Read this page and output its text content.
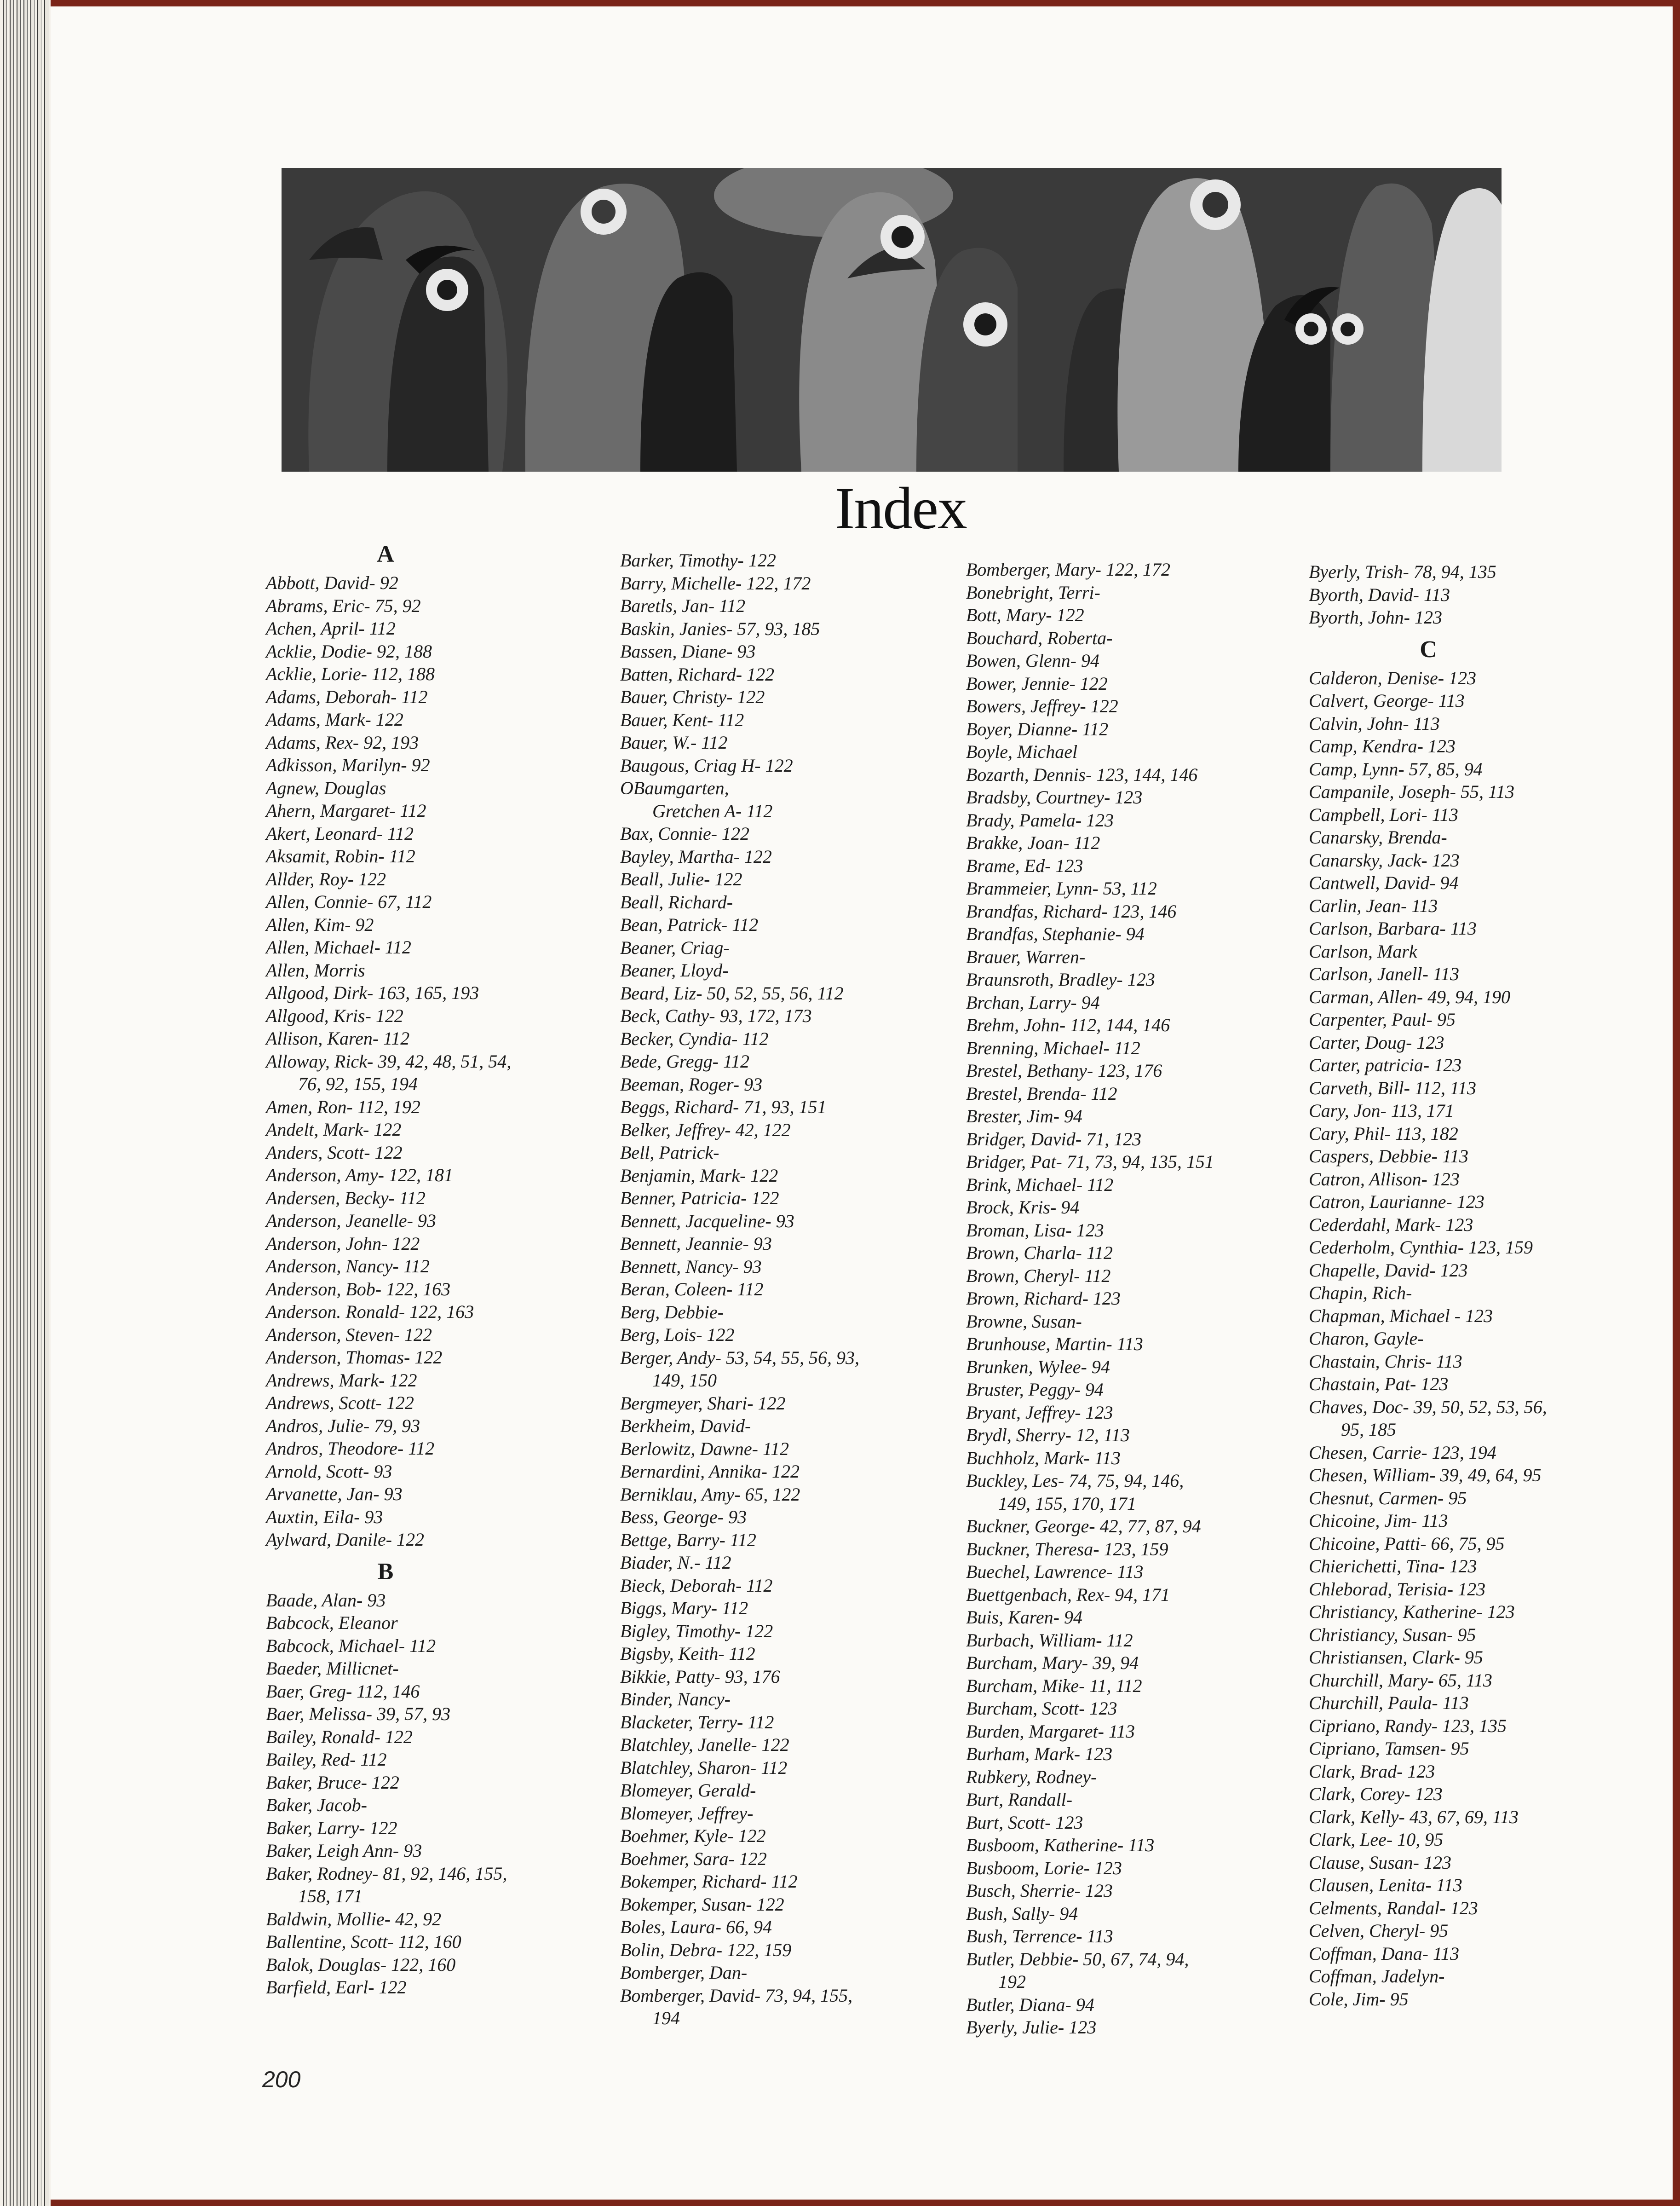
Index
A
Abbott, David- 92
Abrams, Eric- 75, 92
Achen, April- 112
Acklie, Dodie- 92, 188
Acklie, Lorie- 112, 188
Adams, Deborah- 112
Adams, Mark- 122
Adams, Rex- 92, 193
Adkisson, Marilyn- 92
Agnew, Douglas
Ahern, Margaret- 112
Akert, Leonard- 112
Aksamit, Robin- 112
Allder, Roy- 122
Allen, Connie- 67, 112
Allen, Kim- 92
Allen, Michael- 112
Allen, Morris
Allgood, Dirk- 163, 165, 193
Allgood, Kris- 122
Allison, Karen- 112
Alloway, Rick- 39, 42, 48, 51, 54,
76, 92, 155, 194
Amen, Ron- 112, 192
Andelt, Mark- 122
Anders, Scott- 122
Anderson, Amy- 122, 181
Andersen, Becky- 112
Anderson, Jeanelle- 93
Anderson, John- 122
Anderson, Nancy- 112
Anderson, Bob- 122, 163
Anderson. Ronald- 122, 163
Anderson, Steven- 122
Anderson, Thomas- 122
Andrews, Mark- 122
Andrews, Scott- 122
Andros, Julie- 79, 93
Andros, Theodore- 112
Arnold, Scott- 93
Arvanette, Jan- 93
Auxtin, Eila- 93
Aylward, Danile- 122
B
Baade, Alan- 93
Babcock, Eleanor
Babcock, Michael- 112
Baeder, Millicnet-
Baer, Greg- 112, 146
Baer, Melissa- 39, 57, 93
Bailey, Ronald- 122
Bailey, Red- 112
Baker, Bruce- 122
Baker, Jacob-
Baker, Larry- 122
Baker, Leigh Ann- 93
Baker, Rodney- 81, 92, 146, 155,
158, 171
Baldwin, Mollie- 42, 92
Ballentine, Scott- 112, 160
Balok, Douglas- 122, 160
Barfield, Earl- 122
Barker, Timothy- 122
Barry, Michelle- 122, 172
Baretls, Jan- 112
Baskin, Janies- 57, 93, 185
Bassen, Diane- 93
Batten, Richard- 122
Bauer, Christy- 122
Bauer, Kent- 112
Bauer, W.- 112
Baugous, Criag H- 122
OBaumgarten,
Gretchen A- 112
Bax, Connie- 122
Bayley, Martha- 122
Beall, Julie- 122
Beall, Richard-
Bean, Patrick- 112
Beaner, Criag-
Beaner, Lloyd-
Beard, Liz- 50, 52, 55, 56, 112
Beck, Cathy- 93, 172, 173
Becker, Cyndia- 112
Bede, Gregg- 112
Beeman, Roger- 93
Beggs, Richard- 71, 93, 151
Belker, Jeffrey- 42, 122
Bell, Patrick-
Benjamin, Mark- 122
Benner, Patricia- 122
Bennett, Jacqueline- 93
Bennett, Jeannie- 93
Bennett, Nancy- 93
Beran, Coleen- 112
Berg, Debbie-
Berg, Lois- 122
Berger, Andy- 53, 54, 55, 56, 93,
149, 150
Bergmeyer, Shari- 122
Berkheim, David-
Berlowitz, Dawne- 112
Bernardini, Annika- 122
Berniklau, Amy- 65, 122
Bess, George- 93
Bettge, Barry- 112
Biader, N.- 112
Bieck, Deborah- 112
Biggs, Mary- 112
Bigley, Timothy- 122
Bigsby, Keith- 112
Bikkie, Patty- 93, 176
Binder, Nancy-
Blacketer, Terry- 112
Blatchley, Janelle- 122
Blatchley, Sharon- 112
Blomeyer, Gerald-
Blomeyer, Jeffrey-
Boehmer, Kyle- 122
Boehmer, Sara- 122
Bokemper, Richard- 112
Bokemper, Susan- 122
Boles, Laura- 66, 94
Bolin, Debra- 122, 159
Bomberger, Dan-
Bomberger, David- 73, 94, 155,
194
Bomberger, Mary- 122, 172
Bonebright, Terri-
Bott, Mary- 122
Bouchard, Roberta-
Bowen, Glenn- 94
Bower, Jennie- 122
Bowers, Jeffrey- 122
Boyer, Dianne- 112
Boyle, Michael
Bozarth, Dennis- 123, 144, 146
Bradsby, Courtney- 123
Brady, Pamela- 123
Brakke, Joan- 112
Brame, Ed- 123
Brammeier, Lynn- 53, 112
Brandfas, Richard- 123, 146
Brandfas, Stephanie- 94
Brauer, Warren-
Braunsroth, Bradley- 123
Brchan, Larry- 94
Brehm, John- 112, 144, 146
Brenning, Michael- 112
Brestel, Bethany- 123, 176
Brestel, Brenda- 112
Brester, Jim- 94
Bridger, David- 71, 123
Bridger, Pat- 71, 73, 94, 135, 151
Brink, Michael- 112
Brock, Kris- 94
Broman, Lisa- 123
Brown, Charla- 112
Brown, Cheryl- 112
Brown, Richard- 123
Browne, Susan-
Brunhouse, Martin- 113
Brunken, Wylee- 94
Bruster, Peggy- 94
Bryant, Jeffrey- 123
Brydl, Sherry- 12, 113
Buchholz, Mark- 113
Buckley, Les- 74, 75, 94, 146,
149, 155, 170, 171
Buckner, George- 42, 77, 87, 94
Buckner, Theresa- 123, 159
Buechel, Lawrence- 113
Buettgenbach, Rex- 94, 171
Buis, Karen- 94
Burbach, William- 112
Burcham, Mary- 39, 94
Burcham, Mike- 11, 112
Burcham, Scott- 123
Burden, Margaret- 113
Burham, Mark- 123
Rubkery, Rodney-
Burt, Randall-
Burt, Scott- 123
Busboom, Katherine- 113
Busboom, Lorie- 123
Busch, Sherrie- 123
Bush, Sally- 94
Bush, Terrence- 113
Butler, Debbie- 50, 67, 74, 94,
192
Butler, Diana- 94
Byerly, Julie- 123
Byerly, Trish- 78, 94, 135
Byorth, David- 113
Byorth, John- 123
C
Calderon, Denise- 123
Calvert, George- 113
Calvin, John- 113
Camp, Kendra- 123
Camp, Lynn- 57, 85, 94
Campanile, Joseph- 55, 113
Campbell, Lori- 113
Canarsky, Brenda-
Canarsky, Jack- 123
Cantwell, David- 94
Carlin, Jean- 113
Carlson, Barbara- 113
Carlson, Mark
Carlson, Janell- 113
Carman, Allen- 49, 94, 190
Carpenter, Paul- 95
Carter, Doug- 123
Carter, patricia- 123
Carveth, Bill- 112, 113
Cary, Jon- 113, 171
Cary, Phil- 113, 182
Caspers, Debbie- 113
Catron, Allison- 123
Catron, Laurianne- 123
Cederdahl, Mark- 123
Cederholm, Cynthia- 123, 159
Chapelle, David- 123
Chapin, Rich-
Chapman, Michael - 123
Charon, Gayle-
Chastain, Chris- 113
Chastain, Pat- 123
Chaves, Doc- 39, 50, 52, 53, 56,
95, 185
Chesen, Carrie- 123, 194
Chesen, William- 39, 49, 64, 95
Chesnut, Carmen- 95
Chicoine, Jim- 113
Chicoine, Patti- 66, 75, 95
Chierichetti, Tina- 123
Chleborad, Terisia- 123
Christiancy, Katherine- 123
Christiancy, Susan- 95
Christiansen, Clark- 95
Churchill, Mary- 65, 113
Churchill, Paula- 113
Cipriano, Randy- 123, 135
Cipriano, Tamsen- 95
Clark, Brad- 123
Clark, Corey- 123
Clark, Kelly- 43, 67, 69, 113
Clark, Lee- 10, 95
Clause, Susan- 123
Clausen, Lenita- 113
Celments, Randal- 123
Celven, Cheryl- 95
Coffman, Dana- 113
Coffman, Jadelyn-
Cole, Jim- 95
200
